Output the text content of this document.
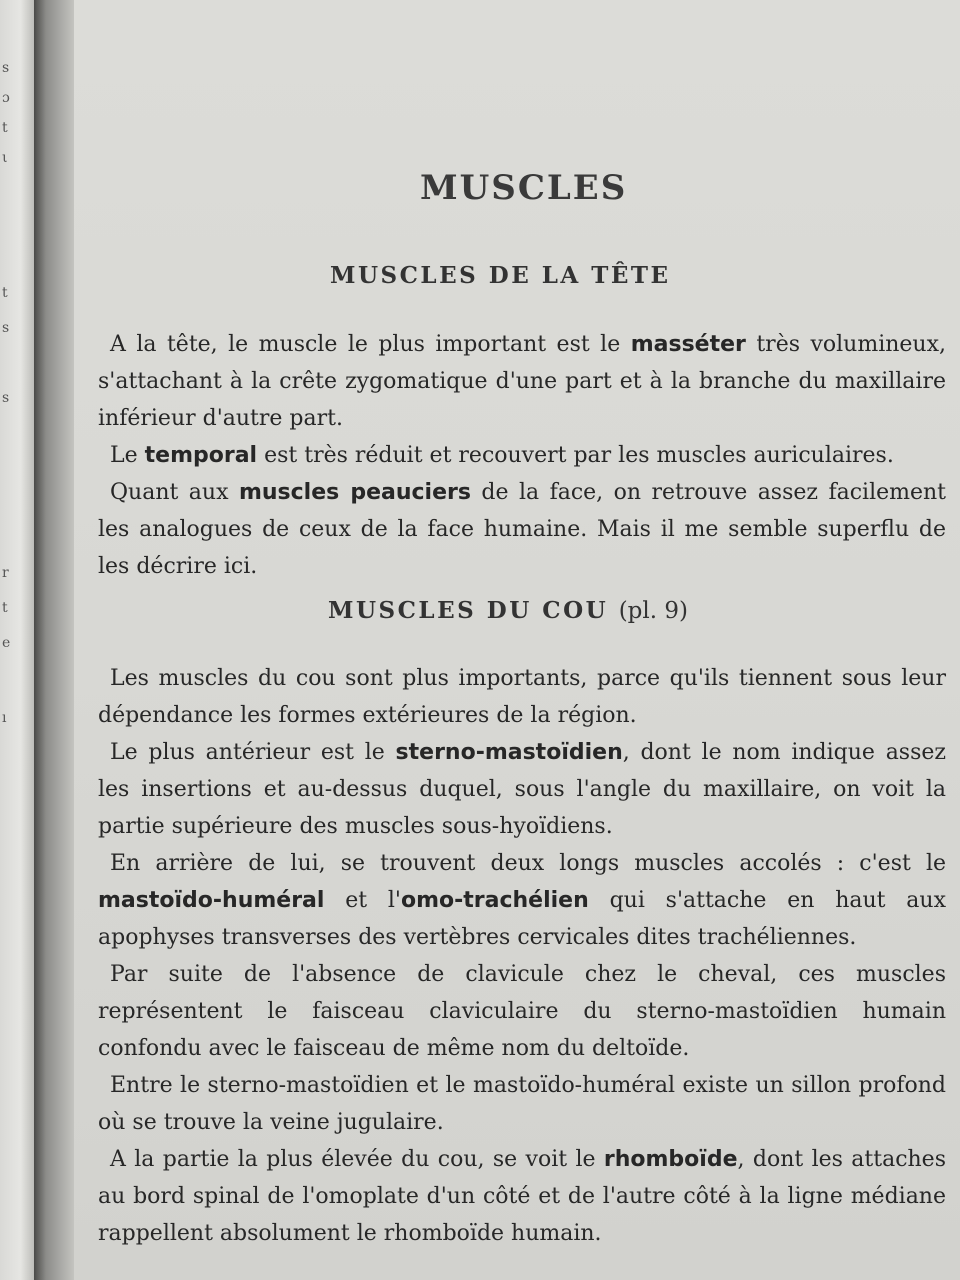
s
ɔ
t
ι
t
s
s
r
t
e
ı
MUSCLES
MUSCLES DE LA TÊTE
A la tête, le muscle le plus important est le masséter très volumineux, s'attachant à la crête zygomatique d'une part et à la branche du maxillaire inférieur d'autre part.
Le temporal est très réduit et recouvert par les muscles auriculaires.
Quant aux muscles peauciers de la face, on retrouve assez facilement les analogues de ceux de la face humaine. Mais il me semble superflu de les décrire ici.
MUSCLES DU COU (pl. 9)
Les muscles du cou sont plus importants, parce qu'ils tiennent sous leur dépendance les formes extérieures de la région.
Le plus antérieur est le sterno-mastoïdien, dont le nom indique assez les insertions et au-dessus duquel, sous l'angle du maxillaire, on voit la partie supérieure des muscles sous-hyoïdiens.
En arrière de lui, se trouvent deux longs muscles accolés : c'est le mastoïdo-huméral et l'omo-trachélien qui s'attache en haut aux apophyses transverses des vertèbres cervicales dites trachéliennes.
Par suite de l'absence de clavicule chez le cheval, ces muscles représentent le faisceau claviculaire du sterno-mastoïdien humain confondu avec le faisceau de même nom du deltoïde.
Entre le sterno-mastoïdien et le mastoïdo-huméral existe un sillon profond où se trouve la veine jugulaire.
A la partie la plus élevée du cou, se voit le rhomboïde, dont les attaches au bord spinal de l'omoplate d'un côté et de l'autre côté à la ligne médiane rappellent absolument le rhomboïde humain.
